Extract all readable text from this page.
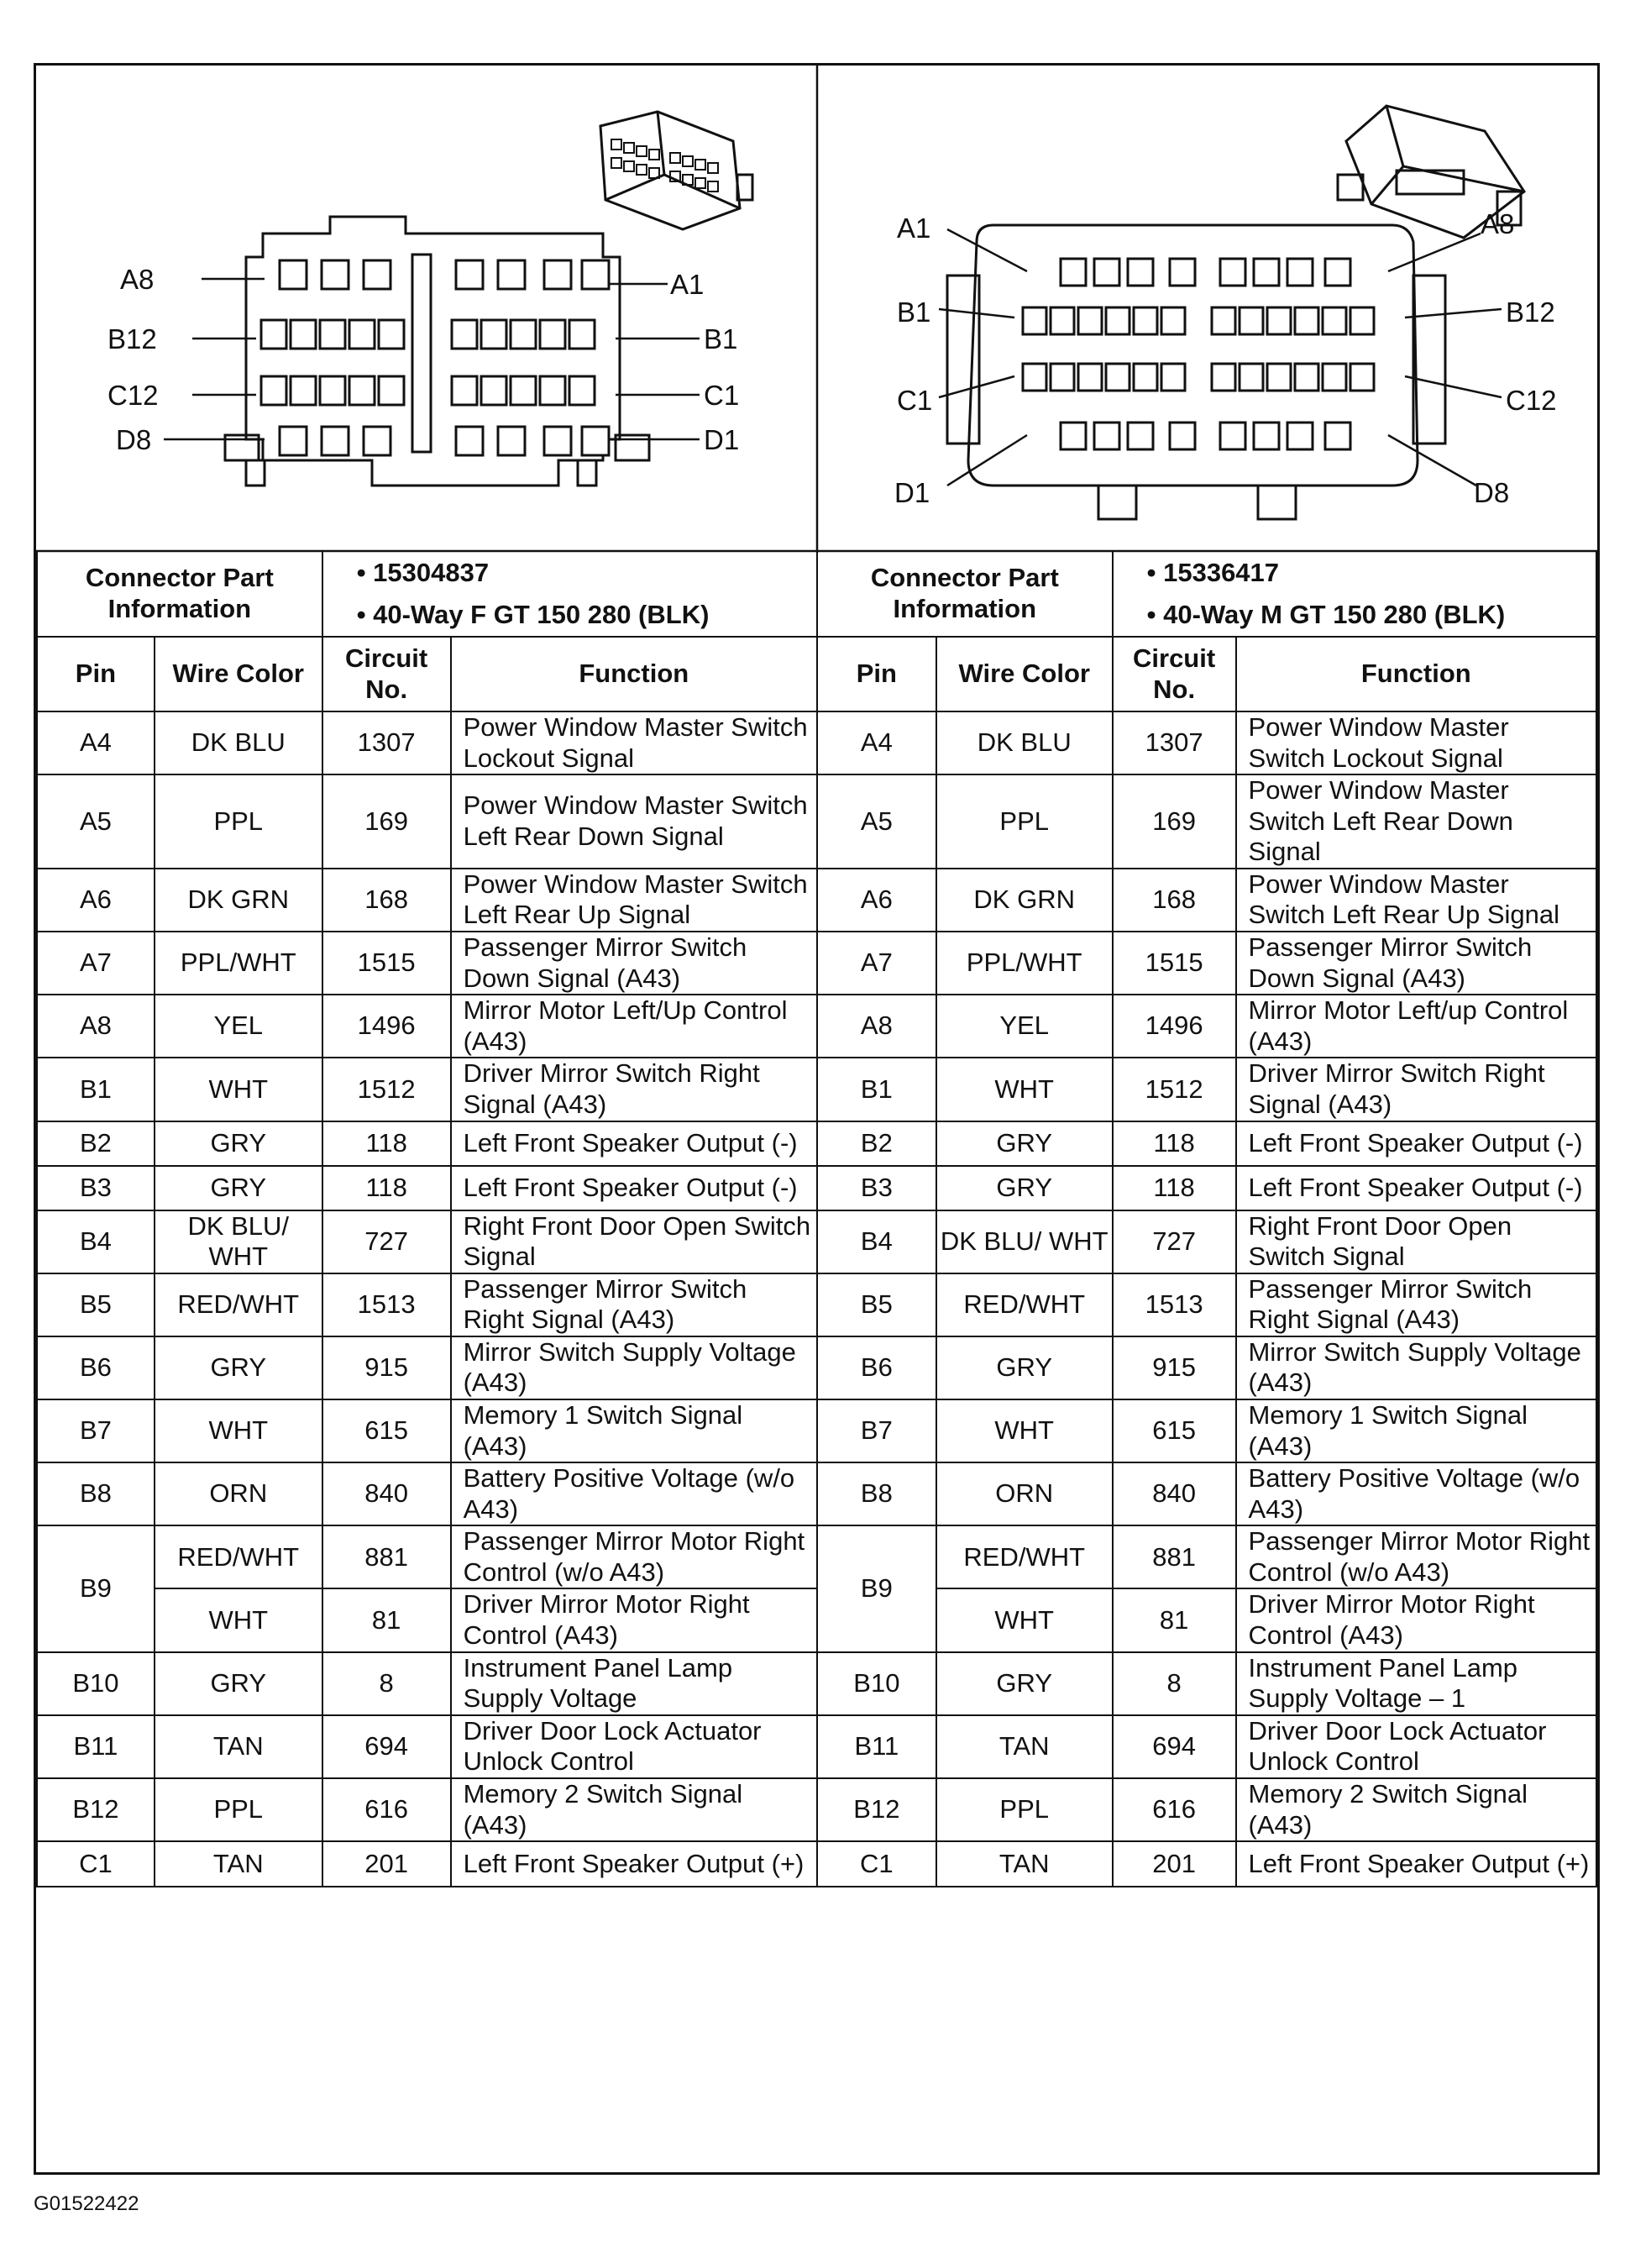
A8	A1
B12	B1
C12	C1
D8	D1
A1	A8
B1	B12
C1	C12
D1	D8
Connector Part Information		• 15304837		Connector Part Information		• 15336417	
		• 40-Way F GT 150 280 (BLK)				• 40-Way M GT 150 280 (BLK)	
Pin	Wire Color	Circuit No.	Function	Pin	Wire Color	Circuit No.	Function
A4	DK BLU	1307	Power Window Master Switch Lockout Signal	A4	DK BLU	1307	Power Window Master Switch Lockout Signal
A5	PPL	169	Power Window Master Switch Left Rear Down Signal	A5	PPL	169	Power Window Master Switch Left Rear Down Signal
A6	DK GRN	168	Power Window Master Switch Left Rear Up Signal	A6	DK GRN	168	Power Window Master Switch Left Rear Up Signal
A7	PPL/WHT	1515	Passenger Mirror Switch Down Signal (A43)	A7	PPL/WHT	1515	Passenger Mirror Switch Down Signal (A43)
A8	YEL	1496	Mirror Motor Left/Up Control (A43)	A8	YEL	1496	Mirror Motor Left/up Control (A43)
B1	WHT	1512	Driver Mirror Switch Right Signal (A43)	B1	WHT	1512	Driver Mirror Switch Right Signal (A43)
B2	GRY	118	Left Front Speaker Output (-)	B2	GRY	118	Left Front Speaker Output (-)
B3	GRY	118	Left Front Speaker Output (-)	B3	GRY	118	Left Front Speaker Output (-)
B4	DK BLU/ WHT	727	Right Front Door Open Switch Signal	B4	DK BLU/ WHT	727	Right Front Door Open Switch Signal
B5	RED/WHT	1513	Passenger Mirror Switch Right Signal (A43)	B5	RED/WHT	1513	Passenger Mirror Switch Right Signal (A43)
B6	GRY	915	Mirror Switch Supply Voltage (A43)	B6	GRY	915	Mirror Switch Supply Voltage (A43)
B7	WHT	615	Memory 1 Switch Signal (A43)	B7	WHT	615	Memory 1 Switch Signal (A43)
B8	ORN	840	Battery Positive Voltage (w/o A43)	B8	ORN	840	Battery Positive Voltage (w/o A43)
B9	RED/WHT	881	Passenger Mirror Motor Right Control (w/o A43)	B9	RED/WHT	881	Passenger Mirror Motor Right Control (w/o A43)
	WHT	81	Driver Mirror Motor Right Control (A43)		WHT	81	Driver Mirror Motor Right Control (A43)
B10	GRY	8	Instrument Panel Lamp Supply Voltage	B10	GRY	8	Instrument Panel Lamp Supply Voltage – 1
B11	TAN	694	Driver Door Lock Actuator Unlock Control	B11	TAN	694	Driver Door Lock Actuator Unlock Control
B12	PPL	616	Memory 2 Switch Signal (A43)	B12	PPL	616	Memory 2 Switch Signal (A43)
C1	TAN	201	Left Front Speaker Output (+)	C1	TAN	201	Left Front Speaker Output (+)
G01522422
